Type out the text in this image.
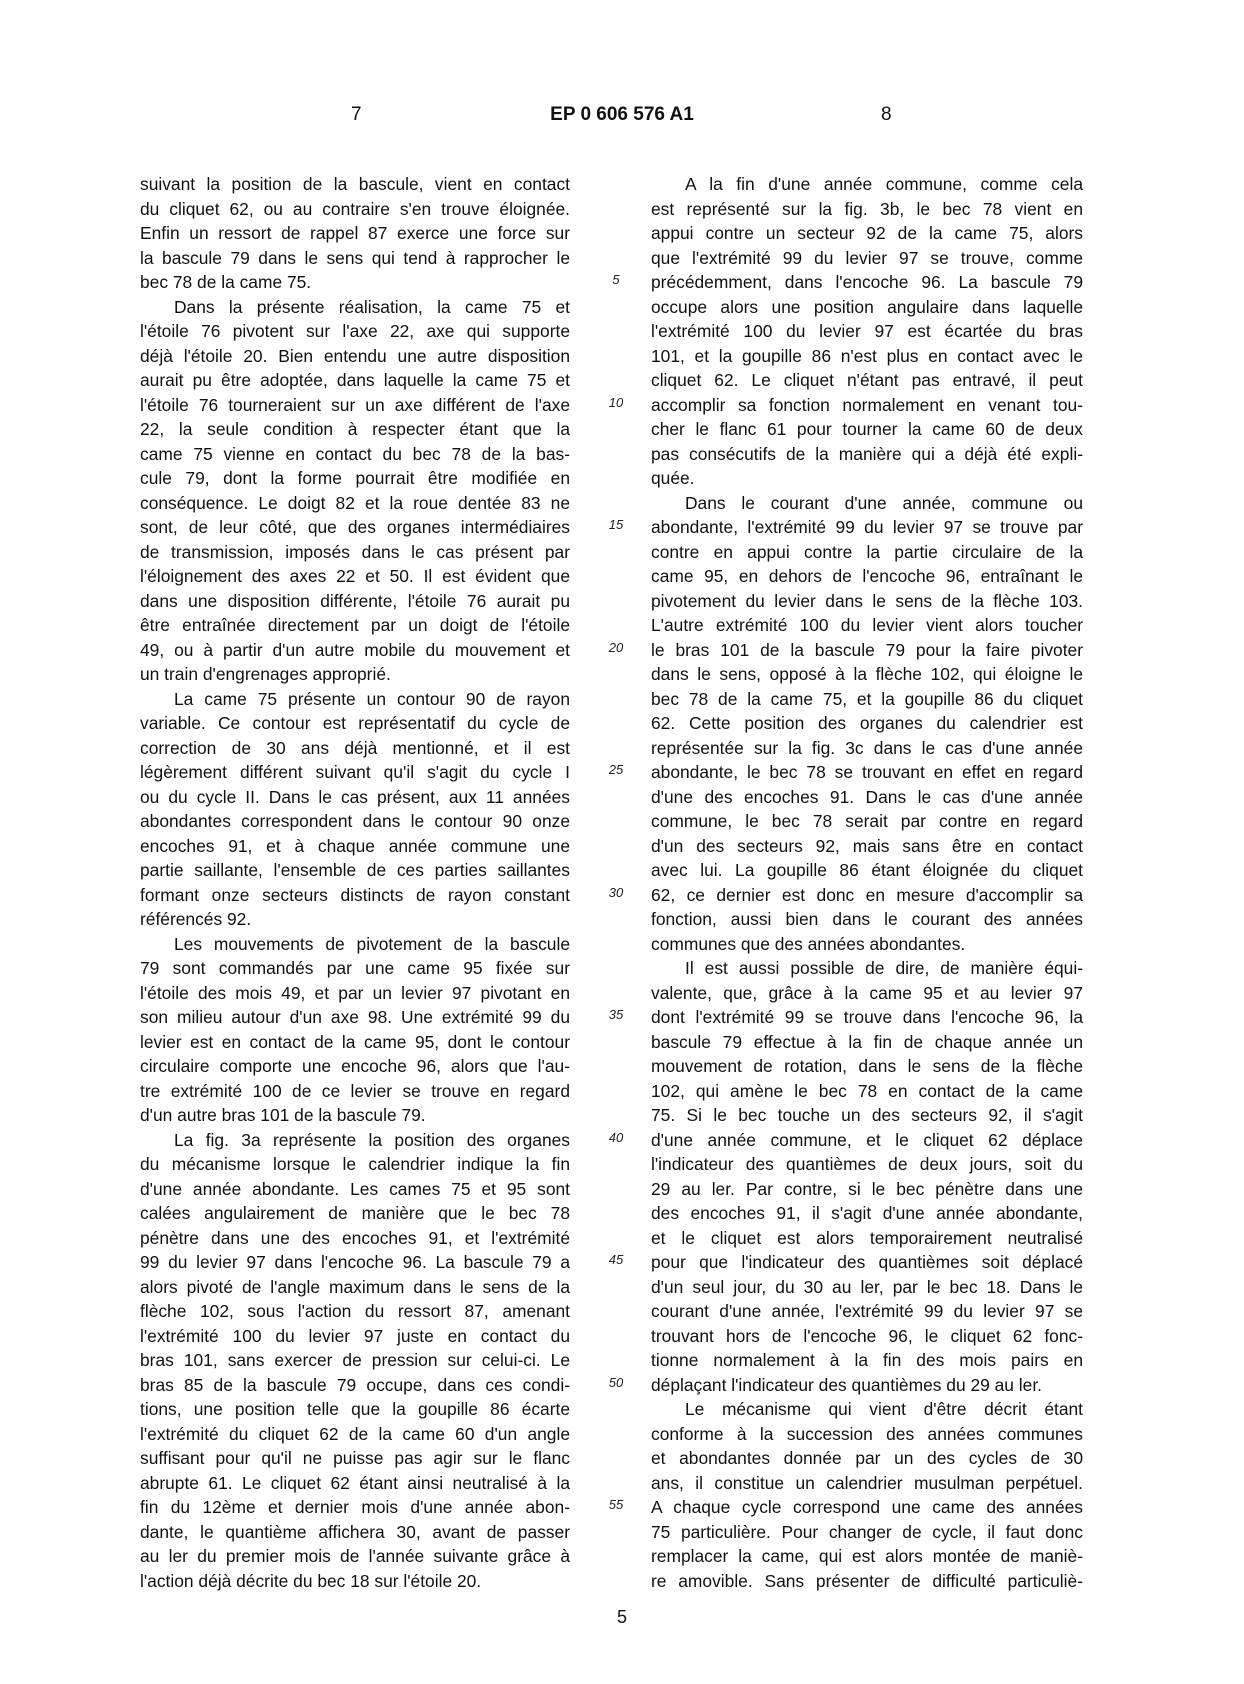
7	EP 0 606 576 A1	8
suivant la position de la bascule, vient en contact
du cliquet 62, ou au contraire s'en trouve éloignée.
Enfin un ressort de rappel 87 exerce une force sur
la bascule 79 dans le sens qui tend à rapprocher le
bec 78 de la came 75.
Dans la présente réalisation, la came 75 et
l'étoile 76 pivotent sur l'axe 22, axe qui supporte
déjà l'étoile 20. Bien entendu une autre disposition
aurait pu être adoptée, dans laquelle la came 75 et
l'étoile 76 tourneraient sur un axe différent de l'axe
22, la seule condition à respecter étant que la
came 75 vienne en contact du bec 78 de la bas-
cule 79, dont la forme pourrait être modifiée en
conséquence. Le doigt 82 et la roue dentée 83 ne
sont, de leur côté, que des organes intermédiaires
de transmission, imposés dans le cas présent par
l'éloignement des axes 22 et 50. Il est évident que
dans une disposition différente, l'étoile 76 aurait pu
être entraînée directement par un doigt de l'étoile
49, ou à partir d'un autre mobile du mouvement et
un train d'engrenages approprié.
La came 75 présente un contour 90 de rayon
variable. Ce contour est représentatif du cycle de
correction de 30 ans déjà mentionné, et il est
légèrement différent suivant qu'il s'agit du cycle I
ou du cycle II. Dans le cas présent, aux 11 années
abondantes correspondent dans le contour 90 onze
encoches 91, et à chaque année commune une
partie saillante, l'ensemble de ces parties saillantes
formant onze secteurs distincts de rayon constant
référencés 92.
Les mouvements de pivotement de la bascule
79 sont commandés par une came 95 fixée sur
l'étoile des mois 49, et par un levier 97 pivotant en
son milieu autour d'un axe 98. Une extrémité 99 du
levier est en contact de la came 95, dont le contour
circulaire comporte une encoche 96, alors que l'au-
tre extrémité 100 de ce levier se trouve en regard
d'un autre bras 101 de la bascule 79.
La fig. 3a représente la position des organes
du mécanisme lorsque le calendrier indique la fin
d'une année abondante. Les cames 75 et 95 sont
calées angulairement de manière que le bec 78
pénètre dans une des encoches 91, et l'extrémité
99 du levier 97 dans l'encoche 96. La bascule 79 a
alors pivoté de l'angle maximum dans le sens de la
flèche 102, sous l'action du ressort 87, amenant
l'extrémité 100 du levier 97 juste en contact du
bras 101, sans exercer de pression sur celui-ci. Le
bras 85 de la bascule 79 occupe, dans ces condi-
tions, une position telle que la goupille 86 écarte
l'extrémité du cliquet 62 de la came 60 d'un angle
suffisant pour qu'il ne puisse pas agir sur le flanc
abrupte 61. Le cliquet 62 étant ainsi neutralisé à la
fin du 12ème et dernier mois d'une année abon-
dante, le quantième affichera 30, avant de passer
au ler du premier mois de l'année suivante grâce à
l'action déjà décrite du bec 18 sur l'étoile 20.
5
10
15
20
25
30
35
40
45
50
55
A la fin d'une année commune, comme cela
est représenté sur la fig. 3b, le bec 78 vient en
appui contre un secteur 92 de la came 75, alors
que l'extrémité 99 du levier 97 se trouve, comme
précédemment, dans l'encoche 96. La bascule 79
occupe alors une position angulaire dans laquelle
l'extrémité 100 du levier 97 est écartée du bras
101, et la goupille 86 n'est plus en contact avec le
cliquet 62. Le cliquet n'étant pas entravé, il peut
accomplir sa fonction normalement en venant tou-
cher le flanc 61 pour tourner la came 60 de deux
pas consécutifs de la manière qui a déjà été expli-
quée.
Dans le courant d'une année, commune ou
abondante, l'extrémité 99 du levier 97 se trouve par
contre en appui contre la partie circulaire de la
came 95, en dehors de l'encoche 96, entraînant le
pivotement du levier dans le sens de la flèche 103.
L'autre extrémité 100 du levier vient alors toucher
le bras 101 de la bascule 79 pour la faire pivoter
dans le sens, opposé à la flèche 102, qui éloigne le
bec 78 de la came 75, et la goupille 86 du cliquet
62. Cette position des organes du calendrier est
représentée sur la fig. 3c dans le cas d'une année
abondante, le bec 78 se trouvant en effet en regard
d'une des encoches 91. Dans le cas d'une année
commune, le bec 78 serait par contre en regard
d'un des secteurs 92, mais sans être en contact
avec lui. La goupille 86 étant éloignée du cliquet
62, ce dernier est donc en mesure d'accomplir sa
fonction, aussi bien dans le courant des années
communes que des années abondantes.
Il est aussi possible de dire, de manière équi-
valente, que, grâce à la came 95 et au levier 97
dont l'extrémité 99 se trouve dans l'encoche 96, la
bascule 79 effectue à la fin de chaque année un
mouvement de rotation, dans le sens de la flèche
102, qui amène le bec 78 en contact de la came
75. Si le bec touche un des secteurs 92, il s'agit
d'une année commune, et le cliquet 62 déplace
l'indicateur des quantièmes de deux jours, soit du
29 au ler. Par contre, si le bec pénètre dans une
des encoches 91, il s'agit d'une année abondante,
et le cliquet est alors temporairement neutralisé
pour que l'indicateur des quantièmes soit déplacé
d'un seul jour, du 30 au ler, par le bec 18. Dans le
courant d'une année, l'extrémité 99 du levier 97 se
trouvant hors de l'encoche 96, le cliquet 62 fonc-
tionne normalement à la fin des mois pairs en
déplaçant l'indicateur des quantièmes du 29 au ler.
Le mécanisme qui vient d'être décrit étant
conforme à la succession des années communes
et abondantes donnée par un des cycles de 30
ans, il constitue un calendrier musulman perpétuel.
A chaque cycle correspond une came des années
75 particulière. Pour changer de cycle, il faut donc
remplacer la came, qui est alors montée de maniè-
re amovible. Sans présenter de difficulté particuliè-
5
